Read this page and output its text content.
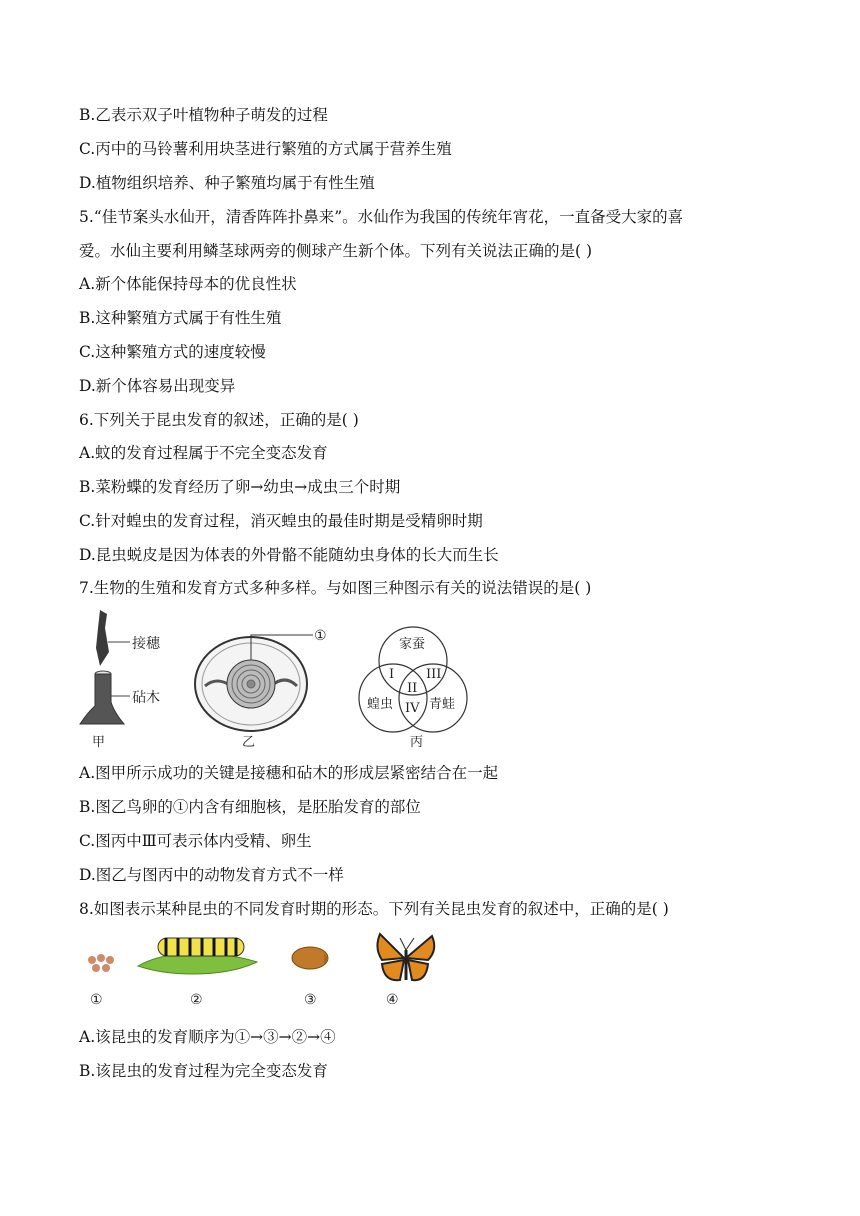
B.乙表示双子叶植物种子萌发的过程
C.丙中的马铃薯利用块茎进行繁殖的方式属于营养生殖
D.植物组织培养、种子繁殖均属于有性生殖
5.“佳节案头水仙开，清香阵阵扑鼻来”。水仙作为我国的传统年宵花，一直备受大家的喜
爱。水仙主要利用鳞茎球两旁的侧球产生新个体。下列有关说法正确的是( )
A.新个体能保持母本的优良性状
B.这种繁殖方式属于有性生殖
C.这种繁殖方式的速度较慢
D.新个体容易出现变异
6.下列关于昆虫发育的叙述，正确的是( )
A.蚊的发育过程属于不完全变态发育
B.菜粉蝶的发育经历了卵→幼虫→成虫三个时期
C.针对蝗虫的发育过程，消灭蝗虫的最佳时期是受精卵时期
D.昆虫蜕皮是因为体表的外骨骼不能随幼虫身体的长大而生长
7.生物的生殖和发育方式多种多样。与如图三种图示有关的说法错误的是( )
A.图甲所示成功的关键是接穗和砧木的形成层紧密结合在一起
B.图乙鸟卵的①内含有细胞核，是胚胎发育的部位
C.图丙中Ⅲ可表示体内受精、卵生
D.图乙与图丙中的动物发育方式不一样
8.如图表示某种昆虫的不同发育时期的形态。下列有关昆虫发育的叙述中，正确的是( )
A.该昆虫的发育顺序为①→③→②→④
B.该昆虫的发育过程为完全变态发育
接穗
砧木
甲
①
乙
家蚕
蝗虫	青蛙
I
II
III
IV
丙
①	②	③	④
